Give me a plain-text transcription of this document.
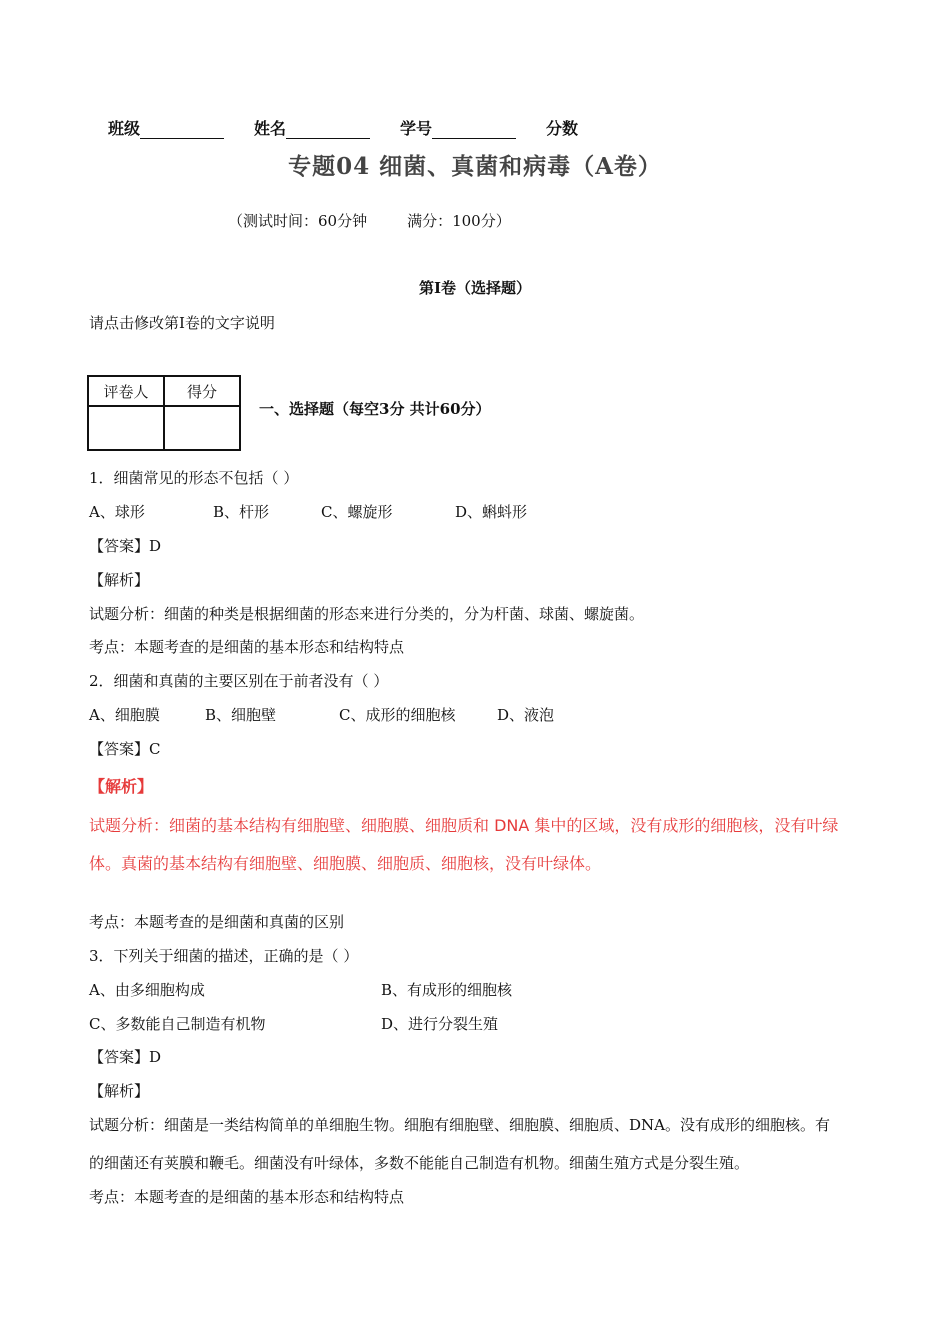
班级	姓名	学号	分数
专题04 细菌、真菌和病毒（A卷）
（测试时间：60分钟	满分：100分）
第I卷（选择题）
请点击修改第I卷的文字说明
评卷人	得分

一、选择题（每空3分 共计60分）
1．细菌常见的形态不包括（ ）
A、球形	B、杆形	C、螺旋形	D、蝌蚪形
【答案】D
【解析】
试题分析：细菌的种类是根据细菌的形态来进行分类的，分为杆菌、球菌、螺旋菌。
考点：本题考查的是细菌的基本形态和结构特点
2．细菌和真菌的主要区别在于前者没有（ ）
A、细胞膜	B、细胞壁	C、成形的细胞核	D、液泡
【答案】C
【解析】
试题分析：细菌的基本结构有细胞壁、细胞膜、细胞质和 DNA 集中的区域，没有成形的细胞核，没有叶绿
体。真菌的基本结构有细胞壁、细胞膜、细胞质、细胞核，没有叶绿体。
考点：本题考查的是细菌和真菌的区别
3．下列关于细菌的描述，正确的是（ ）
A、由多细胞构成	B、有成形的细胞核
C、多数能自己制造有机物	D、进行分裂生殖
【答案】D
【解析】
试题分析：细菌是一类结构简单的单细胞生物。细胞有细胞壁、细胞膜、细胞质、DNA。没有成形的细胞核。有
的细菌还有荚膜和鞭毛。细菌没有叶绿体，多数不能能自己制造有机物。细菌生殖方式是分裂生殖。
考点：本题考查的是细菌的基本形态和结构特点
